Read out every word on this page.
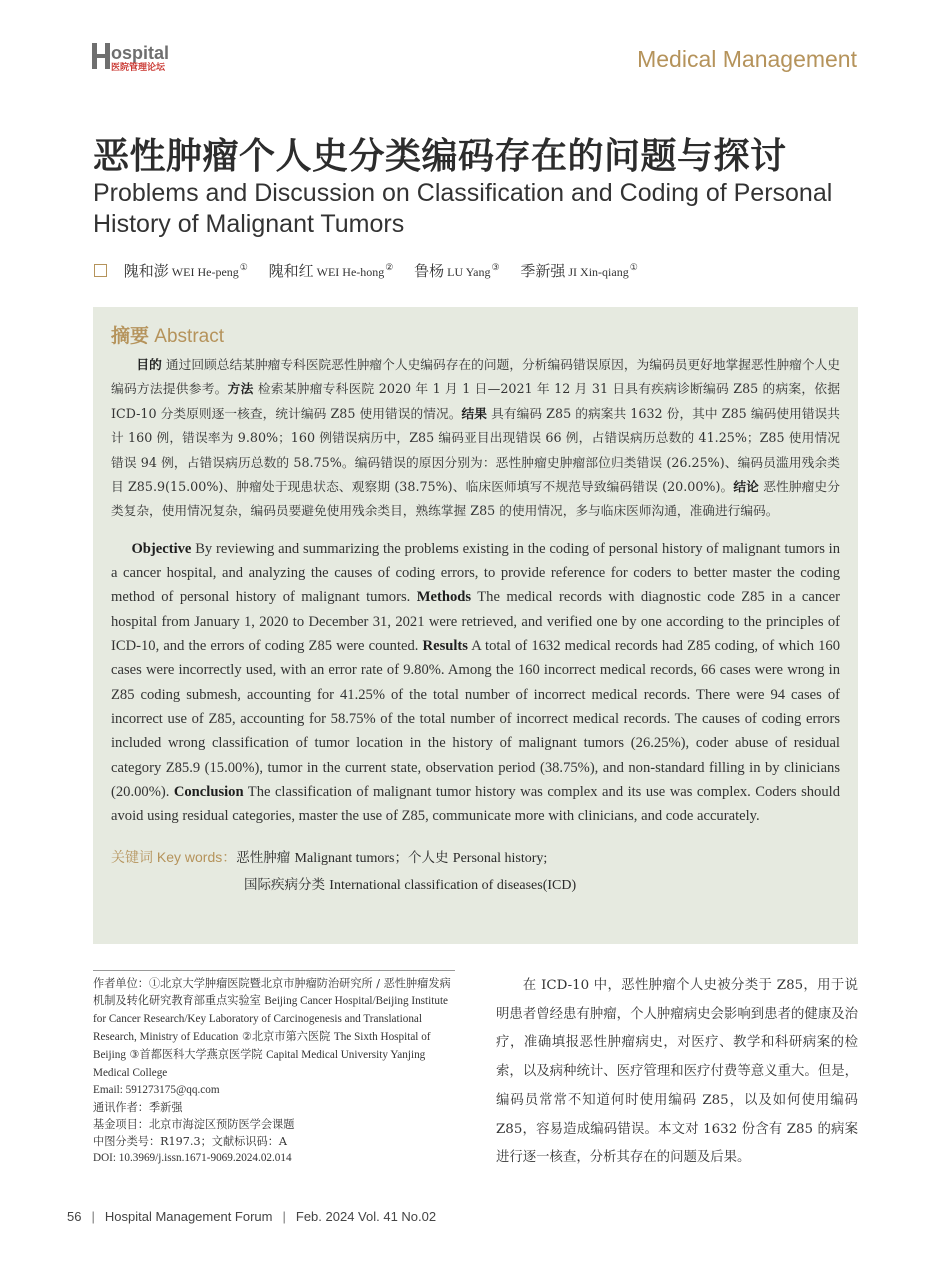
ospital
医院管理论坛	Medical Management
恶性肿瘤个人史分类编码存在的问题与探讨
Problems and Discussion on Classification and Coding of Personal History of Malignant Tumors
隗和澎 WEI He-peng① 隗和红 WEI He-hong② 鲁杨 LU Yang③ 季新强 JI Xin-qiang①
摘要 Abstract

目的 通过回顾总结某肿瘤专科医院恶性肿瘤个人史编码存在的问题，分析编码错误原因，为编码员更好地掌握恶性肿瘤个人史编码方法提供参考。方法 检索某肿瘤专科医院 2020 年 1 月 1 日—2021 年 12 月 31 日具有疾病诊断编码 Z85 的病案，依据 ICD-10 分类原则逐一核查，统计编码 Z85 使用错误的情况。结果 具有编码 Z85 的病案共 1632 份，其中 Z85 编码使用错误共计 160 例，错误率为 9.80%；160 例错误病历中，Z85 编码亚目出现错误 66 例，占错误病历总数的 41.25%；Z85 使用情况错误 94 例，占错误病历总数的 58.75%。编码错误的原因分别为：恶性肿瘤史肿瘤部位归类错误 (26.25%)、编码员滥用残余类目 Z85.9(15.00%)、肿瘤处于现患状态、观察期 (38.75%)、临床医师填写不规范导致编码错误 (20.00%)。结论 恶性肿瘤史分类复杂，使用情况复杂，编码员要避免使用残余类目，熟练掌握 Z85 的使用情况，多与临床医师沟通，准确进行编码。

Objective By reviewing and summarizing the problems existing in the coding of personal history of malignant tumors in a cancer hospital, and analyzing the causes of coding errors, to provide reference for coders to better master the coding method of personal history of malignant tumors. Methods The medical records with diagnostic code Z85 in a cancer hospital from January 1, 2020 to December 31, 2021 were retrieved, and verified one by one according to the principles of ICD-10, and the errors of coding Z85 were counted. Results A total of 1632 medical records had Z85 coding, of which 160 cases were incorrectly used, with an error rate of 9.80%. Among the 160 incorrect medical records, 66 cases were wrong in Z85 coding submesh, accounting for 41.25% of the total number of incorrect medical records. There were 94 cases of incorrect use of Z85, accounting for 58.75% of the total number of incorrect medical records. The causes of coding errors included wrong classification of tumor location in the history of malignant tumors (26.25%), coder abuse of residual category Z85.9 (15.00%), tumor in the current state, observation period (38.75%), and non-standard filling in by clinicians (20.00%). Conclusion The classification of malignant tumor history was complex and its use was complex. Coders should avoid using residual categories, master the use of Z85, communicate more with clinicians, and code accurately.

关键词 Key words：恶性肿瘤 Malignant tumors；个人史 Personal history;
国际疾病分类 International classification of diseases(ICD)
作者单位：①北京大学肿瘤医院暨北京市肿瘤防治研究所 / 恶性肿瘤发病机制及转化研究教育部重点实验室 Beijing Cancer Hospital/Beijing Institute for Cancer Research/Key Laboratory of Carcinogenesis and Translational Research, Ministry of Education ②北京市第六医院 The Sixth Hospital of Beijing ③首都医科大学燕京医学院 Capital Medical University Yanjing Medical College
Email: 591273175@qq.com
通讯作者：季新强
基金项目：北京市海淀区预防医学会课题
中图分类号：R197.3；文献标识码：A
DOI: 10.3969/j.issn.1671-9069.2024.02.014

在 ICD-10 中，恶性肿瘤个人史被分类于 Z85，用于说明患者曾经患有肿瘤，个人肿瘤病史会影响到患者的健康及治疗，准确填报恶性肿瘤病史，对医疗、教学和科研病案的检索，以及病种统计、医疗管理和医疗付费等意义重大。但是，编码员常常不知道何时使用编码 Z85，以及如何使用编码 Z85，容易造成编码错误。本文对 1632 份含有 Z85 的病案进行逐一核查，分析其存在的问题及后果。

56 | Hospital Management Forum | Feb. 2024 Vol. 41 No.02
